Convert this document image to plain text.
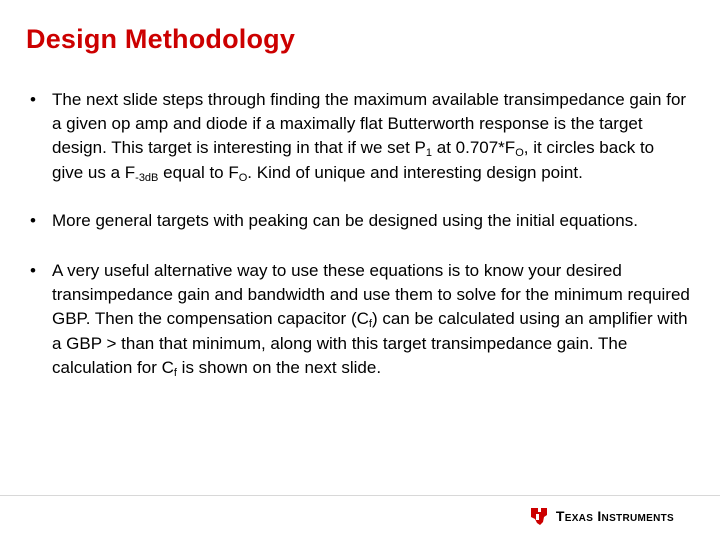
Design Methodology
• The next slide steps through finding the maximum available transimpedance gain for a given op amp and diode if a maximally flat Butterworth response is the target design. This target is interesting in that if we set $P_1$ at $0.707*F_O$, it circles back to give us a $F_{-3dB}$ equal to $F_O$. Kind of unique and interesting design point.
• More general targets with peaking can be designed using the initial equations.
• A very useful alternative way to use these equations is to know your desired transimpedance gain and bandwidth and use them to solve for the minimum required GBP. Then the compensation capacitor $(C_f)$ can be calculated using an amplifier with a GBP > than that minimum, along with this target transimpedance gain. The calculation for $C_f$ is shown on the next slide.
Texas Instruments
